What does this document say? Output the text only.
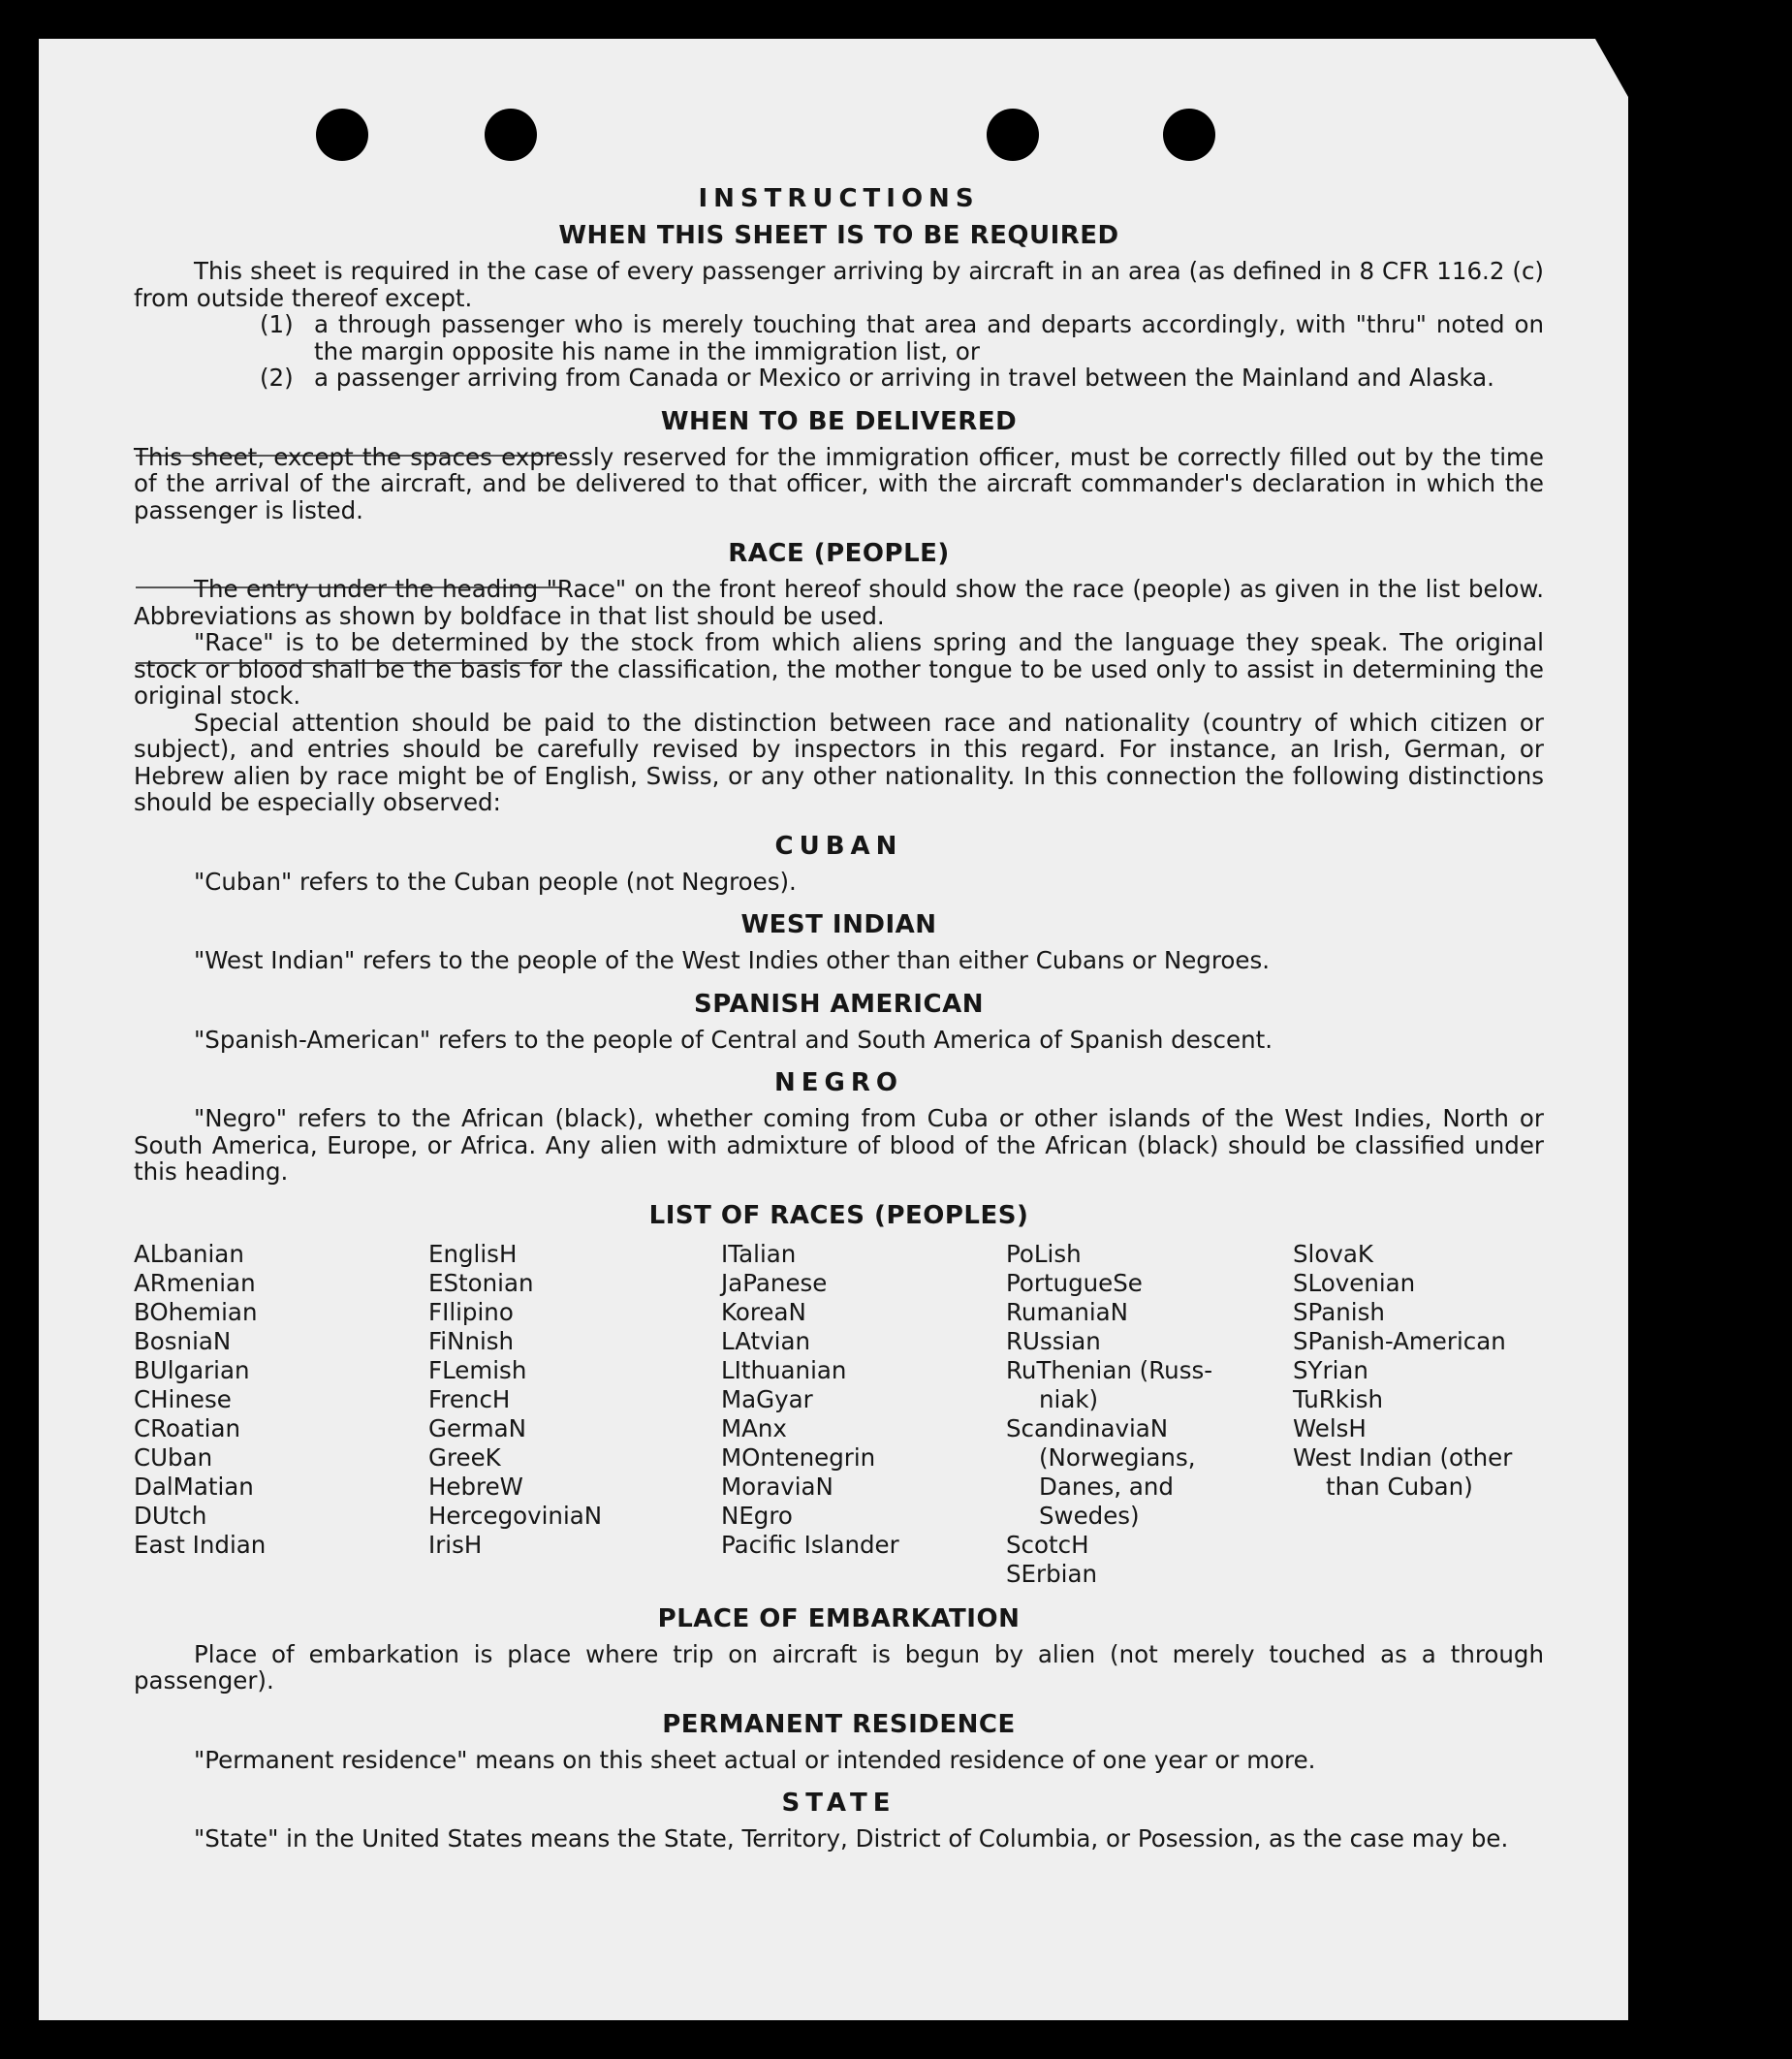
INSTRUCTIONS
WHEN THIS SHEET IS TO BE REQUIRED

This sheet is required in the case of every passenger arriving by aircraft in an area (as defined in 8 CFR 116.2 (c) from outside thereof except.

(1) a through passenger who is merely touching that area and departs accordingly, with "thru" noted on the margin opposite his name in the immigration list, or
(2) a passenger arriving from Canada or Mexico or arriving in travel between the Mainland and Alaska.
WHEN TO BE DELIVERED

This sheet, except the spaces expressly reserved for the immigration officer, must be correctly filled out by the time of the arrival of the aircraft, and be delivered to that officer, with the aircraft commander's declaration in which the passenger is listed.

RACE (PEOPLE)

The entry under the heading "Race" on the front hereof should show the race (people) as given in the list below. Abbreviations as shown by boldface in that list should be used.

"Race" is to be determined by the stock from which aliens spring and the language they speak. The original stock or blood shall be the basis for the classification, the mother tongue to be used only to assist in determining the original stock.

Special attention should be paid to the distinction between race and nationality (country of which citizen or subject), and entries should be carefully revised by inspectors in this regard. For instance, an Irish, German, or Hebrew alien by race might be of English, Swiss, or any other nationality. In this connection the following distinctions should be especially observed:

CUBAN

"Cuban" refers to the Cuban people (not Negroes).

WEST INDIAN

"West Indian" refers to the people of the West Indies other than either Cubans or Negroes.

SPANISH AMERICAN

"Spanish-American" refers to the people of Central and South America of Spanish descent.

NEGRO

"Negro" refers to the African (black), whether coming from Cuba or other islands of the West Indies, North or South America, Europe, or Africa. Any alien with admixture of blood of the African (black) should be classified under this heading.

LIST OF RACES (PEOPLES)
ALbanian
ARmenian
BOhemian
BosniaN
BUlgarian
CHinese
CRoatian
CUban
DalMatian
DUtch
East Indian
EnglisH
EStonian
FIlipino
FiNnish
FLemish
FrencH
GermaN
GreeK
HebreW
HercegoviniaN
IrisH
ITalian
JaPanese
KoreaN
LAtvian
LIthuanian
MaGyar
MAnx
MOntenegrin
MoraviaN
NEgro
Pacific Islander
PoLish
PortugueSe
RumaniaN
RUssian
RuThenian (Russ-
niak)
ScandinaviaN
(Norwegians,
Danes, and
Swedes)
ScotcH
SErbian
SlovaK
SLovenian
SPanish
SPanish-American
SYrian
TuRkish
WelsH
West Indian (other
than Cuban)
PLACE OF EMBARKATION

Place of embarkation is place where trip on aircraft is begun by alien (not merely touched as a through passenger).

PERMANENT RESIDENCE

"Permanent residence" means on this sheet actual or intended residence of one year or more.

STATE

"State" in the United States means the State, Territory, District of Columbia, or Posession, as the case may be.
